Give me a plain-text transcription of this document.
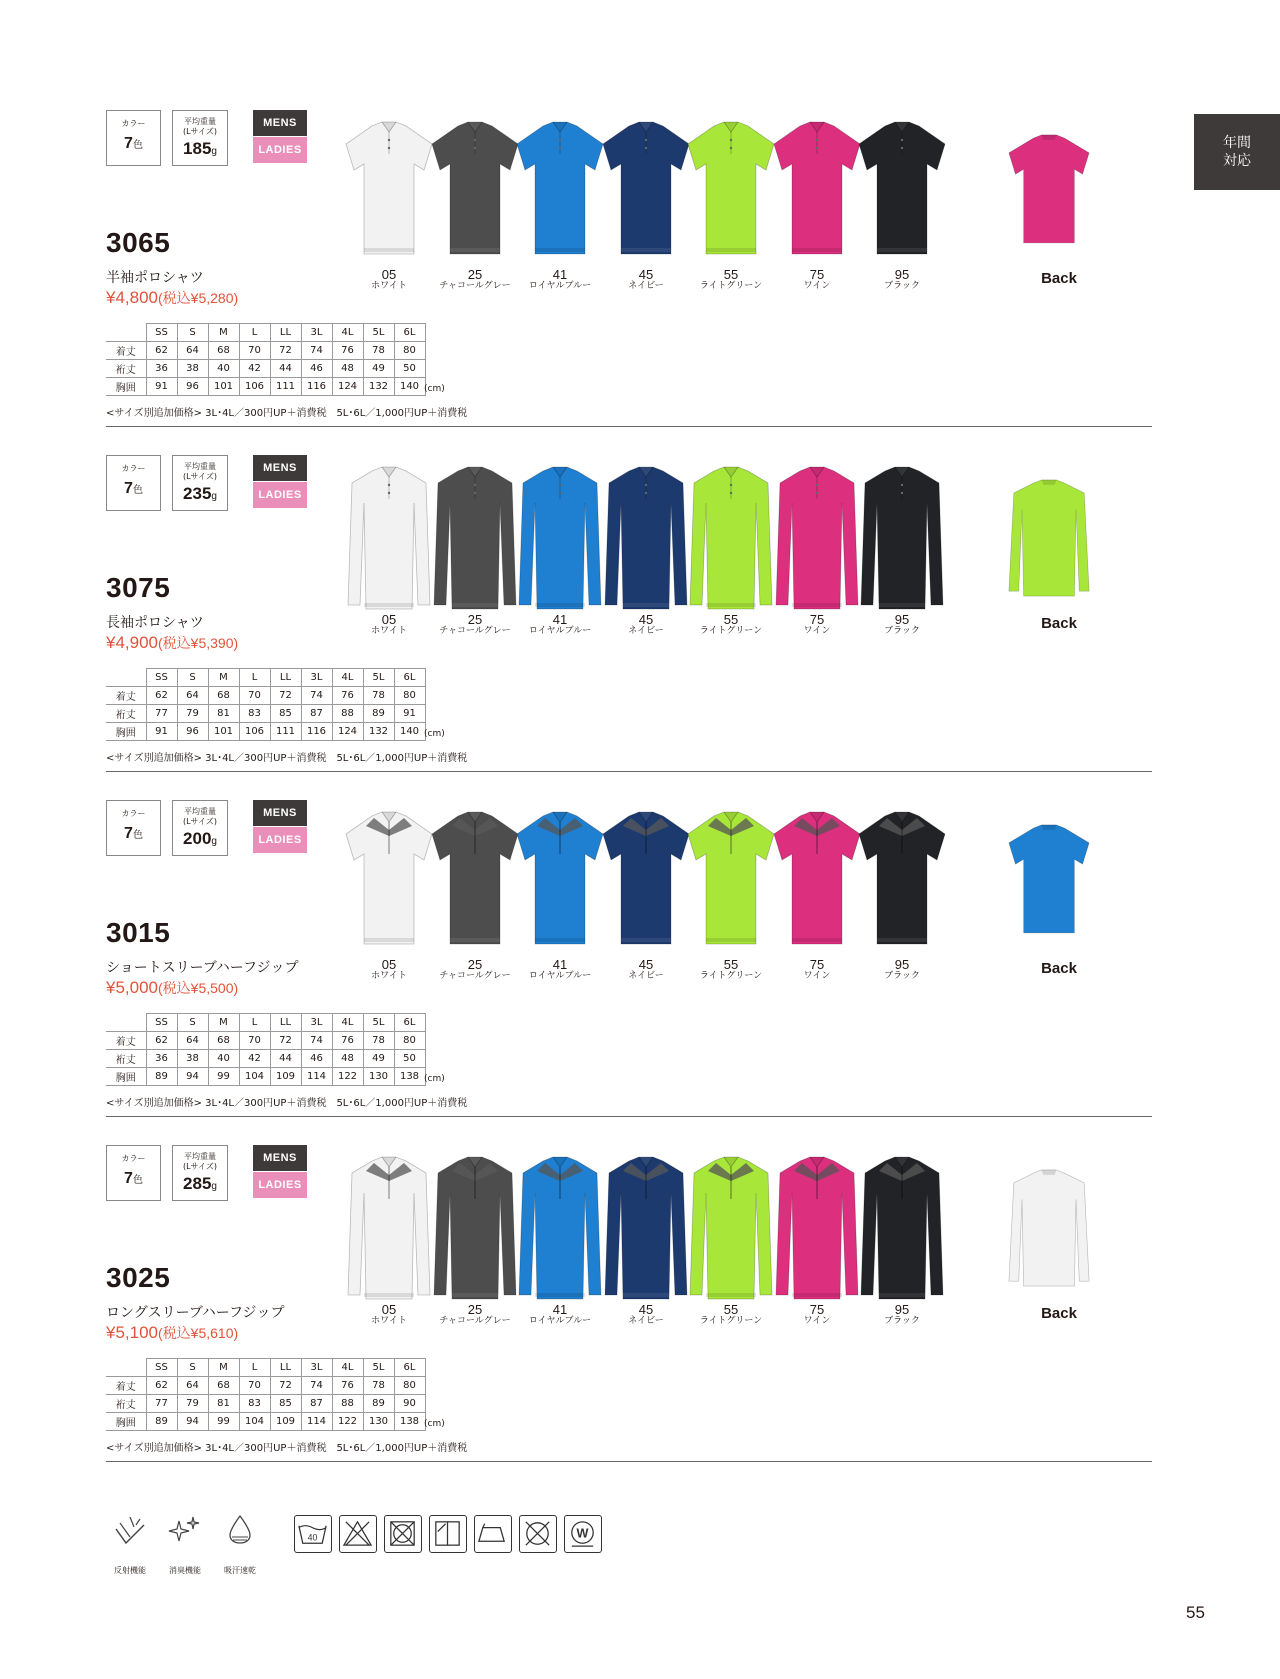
年間
対応
カラー
7色
平均重量
(Lサイズ)
185g
MENS
LADIES
3065
半袖ポロシャツ
¥4,800(税込¥5,280)
05
ホワイト
25
チャコールグレー
41
ロイヤルブルー
45
ネイビー
55
ライトグリーン
75
ワイン
95
ブラック	Back
	SS	S	M	L	LL	3L	4L	5L	6L
着丈	62	64	68	70	72	74	76	78	80
裄丈	36	38	40	42	44	46	48	49	50
胸囲	91	96	101	106	111	116	124	132	140 (cm)
<サイズ別追加価格> 3L･4L／300円UP＋消費税　5L･6L／1,000円UP＋消費税
カラー
7色
平均重量
(Lサイズ)
235g
MENS
LADIES
3075
長袖ポロシャツ
¥4,900(税込¥5,390)
05
ホワイト
25
チャコールグレー
41
ロイヤルブルー
45
ネイビー
55
ライトグリーン
75
ワイン
95
ブラック	Back
	SS	S	M	L	LL	3L	4L	5L	6L
着丈	62	64	68	70	72	74	76	78	80
裄丈	77	79	81	83	85	87	88	89	91
胸囲	91	96	101	106	111	116	124	132	140 (cm)
<サイズ別追加価格> 3L･4L／300円UP＋消費税　5L･6L／1,000円UP＋消費税
カラー
7色
平均重量
(Lサイズ)
200g
MENS
LADIES
3015
ショートスリーブハーフジップ
¥5,000(税込¥5,500)
05
ホワイト
25
チャコールグレー
41
ロイヤルブルー
45
ネイビー
55
ライトグリーン
75
ワイン
95
ブラック	Back
	SS	S	M	L	LL	3L	4L	5L	6L
着丈	62	64	68	70	72	74	76	78	80
裄丈	36	38	40	42	44	46	48	49	50
胸囲	89	94	99	104	109	114	122	130	138 (cm)
<サイズ別追加価格> 3L･4L／300円UP＋消費税　5L･6L／1,000円UP＋消費税
カラー
7色
平均重量
(Lサイズ)
285g
MENS
LADIES
3025
ロングスリーブハーフジップ
¥5,100(税込¥5,610)
05
ホワイト
25
チャコールグレー
41
ロイヤルブルー
45
ネイビー
55
ライトグリーン
75
ワイン
95
ブラック	Back
	SS	S	M	L	LL	3L	4L	5L	6L
着丈	62	64	68	70	72	74	76	78	80
裄丈	77	79	81	83	85	87	88	89	90
胸囲	89	94	99	104	109	114	122	130	138 (cm)
<サイズ別追加価格> 3L･4L／300円UP＋消費税　5L･6L／1,000円UP＋消費税
反射機能	消臭機能	吸汗速乾
40	W
55
